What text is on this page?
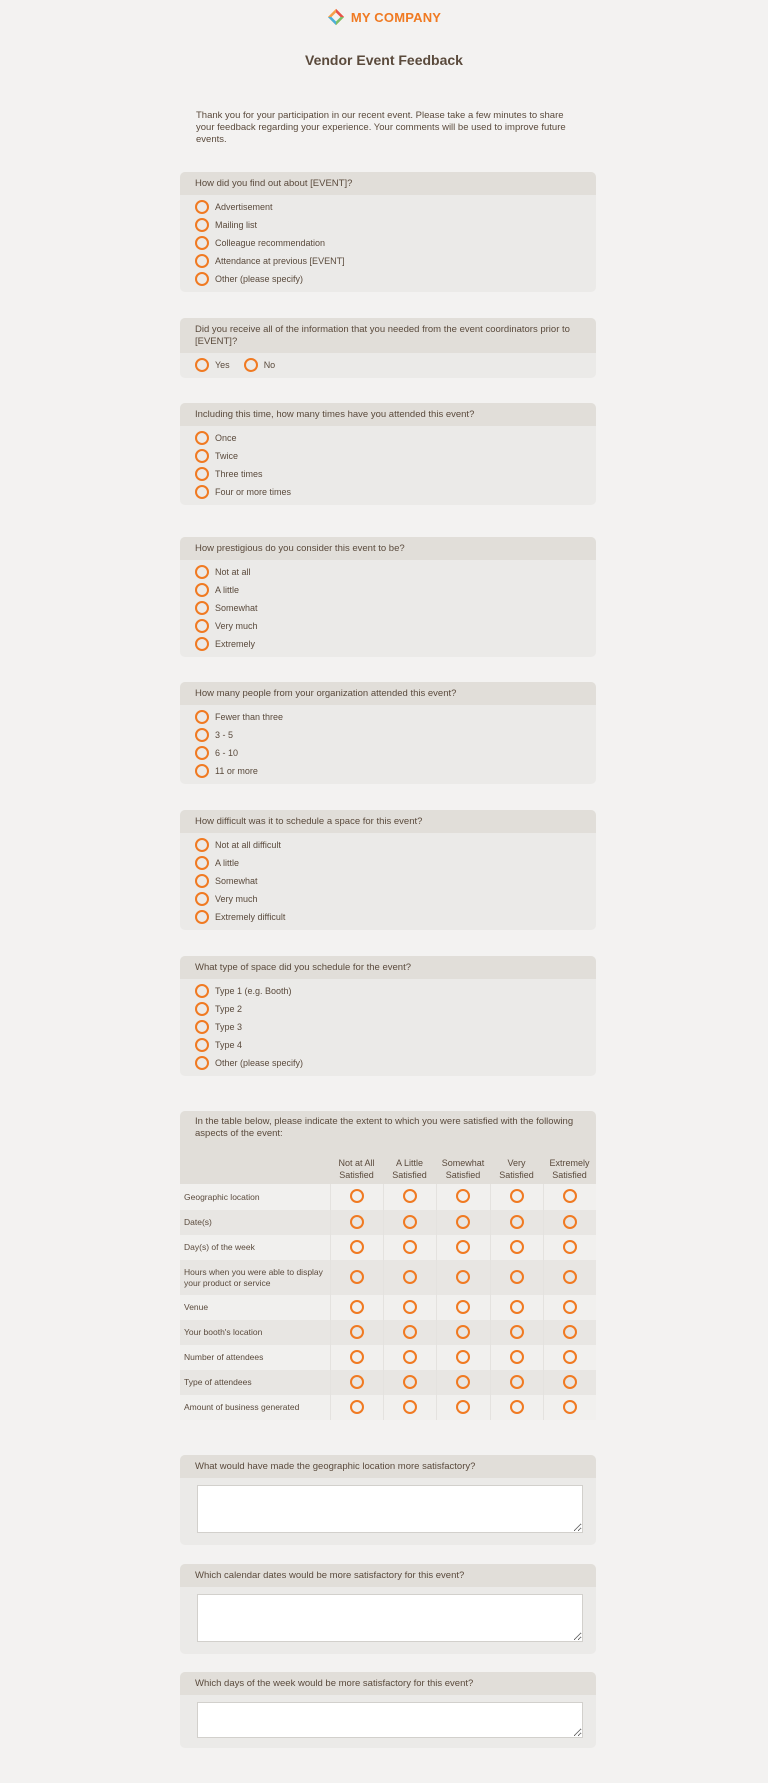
MY COMPANY
Vendor Event Feedback
Thank you for your participation in our recent event. Please take a few minutes to share your feedback regarding your experience. Your comments will be used to improve future events.
How did you find out about [EVENT]?
Advertisement
Mailing list
Colleague recommendation
Attendance at previous [EVENT]
Other (please specify)
Did you receive all of the information that you needed from the event coordinators prior to [EVENT]?
Yes	No
Including this time, how many times have you attended this event?
Once
Twice
Three times
Four or more times
How prestigious do you consider this event to be?
Not at all
A little
Somewhat
Very much
Extremely
How many people from your organization attended this event?
Fewer than three
3 - 5
6 - 10
11 or more
How difficult was it to schedule a space for this event?
Not at all difficult
A little
Somewhat
Very much
Extremely difficult
What type of space did you schedule for the event?
Type 1 (e.g. Booth)
Type 2
Type 3
Type 4
Other (please specify)
In the table below, please indicate the extent to which you were satisfied with the following aspects of the event:
	Not at All Satisfied	A Little Satisfied	Somewhat Satisfied	Very Satisfied	Extremely Satisfied
Geographic location					
Date(s)					
Day(s) of the week					
Hours when you were able to display your product or service					
Venue					
Your booth's location					
Number of attendees					
Type of attendees					
Amount of business generated					
What would have made the geographic location more satisfactory?
Which calendar dates would be more satisfactory for this event?
Which days of the week would be more satisfactory for this event?
